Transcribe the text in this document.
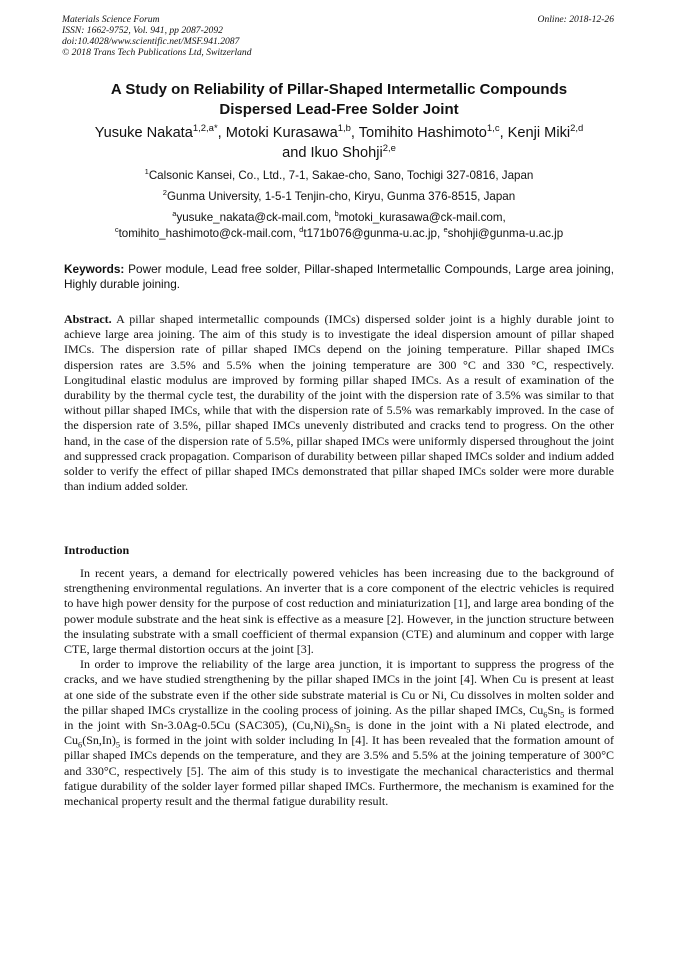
Materials Science Forum
ISSN: 1662-9752, Vol. 941, pp 2087-2092
doi:10.4028/www.scientific.net/MSF.941.2087
© 2018 Trans Tech Publications Ltd, Switzerland
Online: 2018-12-26
A Study on Reliability of Pillar-Shaped Intermetallic Compounds
Dispersed Lead-Free Solder Joint
Yusuke Nakata$^{1,2,a*}$, Motoki Kurasawa$^{1,b}$, Tomihito Hashimoto$^{1,c}$, Kenji Miki$^{2,d}$
and Ikuo Shohji$^{2,e}$
$^1$Calsonic Kansei, Co., Ltd., 7-1, Sakae-cho, Sano, Tochigi 327-0816, Japan
$^2$Gunma University, 1-5-1 Tenjin-cho, Kiryu, Gunma 376-8515, Japan
$^a$yusuke_nakata@ck-mail.com, $^b$motoki_kurasawa@ck-mail.com,
$^c$tomihito_hashimoto@ck-mail.com, $^d$t171b076@gunma-u.ac.jp, $^e$shohji@gunma-u.ac.jp
Keywords: Power module, Lead free solder, Pillar-shaped Intermetallic Compounds, Large area joining, Highly durable joining.
Abstract. A pillar shaped intermetallic compounds (IMCs) dispersed solder joint is a highly durable joint to achieve large area joining. The aim of this study is to investigate the ideal dispersion amount of pillar shaped IMCs. The dispersion rate of pillar shaped IMCs depend on the joining temperature. Pillar shaped IMCs dispersion rates are 3.5% and 5.5% when the joining temperature are 300 °C and 330 °C, respectively. Longitudinal elastic modulus are improved by forming pillar shaped IMCs. As a result of examination of the durability by the thermal cycle test, the durability of the joint with the dispersion rate of 3.5% was similar to that without pillar shaped IMCs, while that with the dispersion rate of 5.5% was remarkably improved. In the case of the dispersion rate of 3.5%, pillar shaped IMCs unevenly distributed and cracks tend to progress. On the other hand, in the case of the dispersion rate of 5.5%, pillar shaped IMCs were uniformly dispersed throughout the joint and suppressed crack propagation. Comparison of durability between pillar shaped IMCs solder and indium added solder to verify the effect of pillar shaped IMCs demonstrated that pillar shaped IMCs solder were more durable than indium added solder.
Introduction

In recent years, a demand for electrically powered vehicles has been increasing due to the background of strengthening environmental regulations. An inverter that is a core component of the electric vehicles is required to have high power density for the purpose of cost reduction and miniaturization [1], and large area bonding of the power module substrate and the heat sink is effective as a measure [2]. However, in the junction structure between the insulating substrate with a small coefficient of thermal expansion (CTE) and aluminum and copper with large CTE, large thermal distortion occurs at the joint [3].

In order to improve the reliability of the large area junction, it is important to suppress the progress of the cracks, and we have studied strengthening by the pillar shaped IMCs in the joint [4]. When Cu is present at least at one side of the substrate even if the other side substrate material is Cu or Ni, Cu dissolves in molten solder and the pillar shaped IMCs crystallize in the cooling process of joining. As the pillar shaped IMCs, $Cu_6Sn_5$ is formed in the joint with Sn-3.0Ag-0.5Cu (SAC305), $(Cu,Ni)_6Sn_5$ is done in the joint with a Ni plated electrode, and $Cu_6(Sn,In)_5$ is formed in the joint with solder including In [4]. It has been revealed that the formation amount of pillar shaped IMCs depends on the temperature, and they are 3.5% and 5.5% at the joining temperature of 300°C and 330°C, respectively [5]. The aim of this study is to investigate the mechanical characteristics and thermal fatigue durability of the solder layer formed pillar shaped IMCs. Furthermore, the mechanism is examined for the mechanical property result and the thermal fatigue durability result.
